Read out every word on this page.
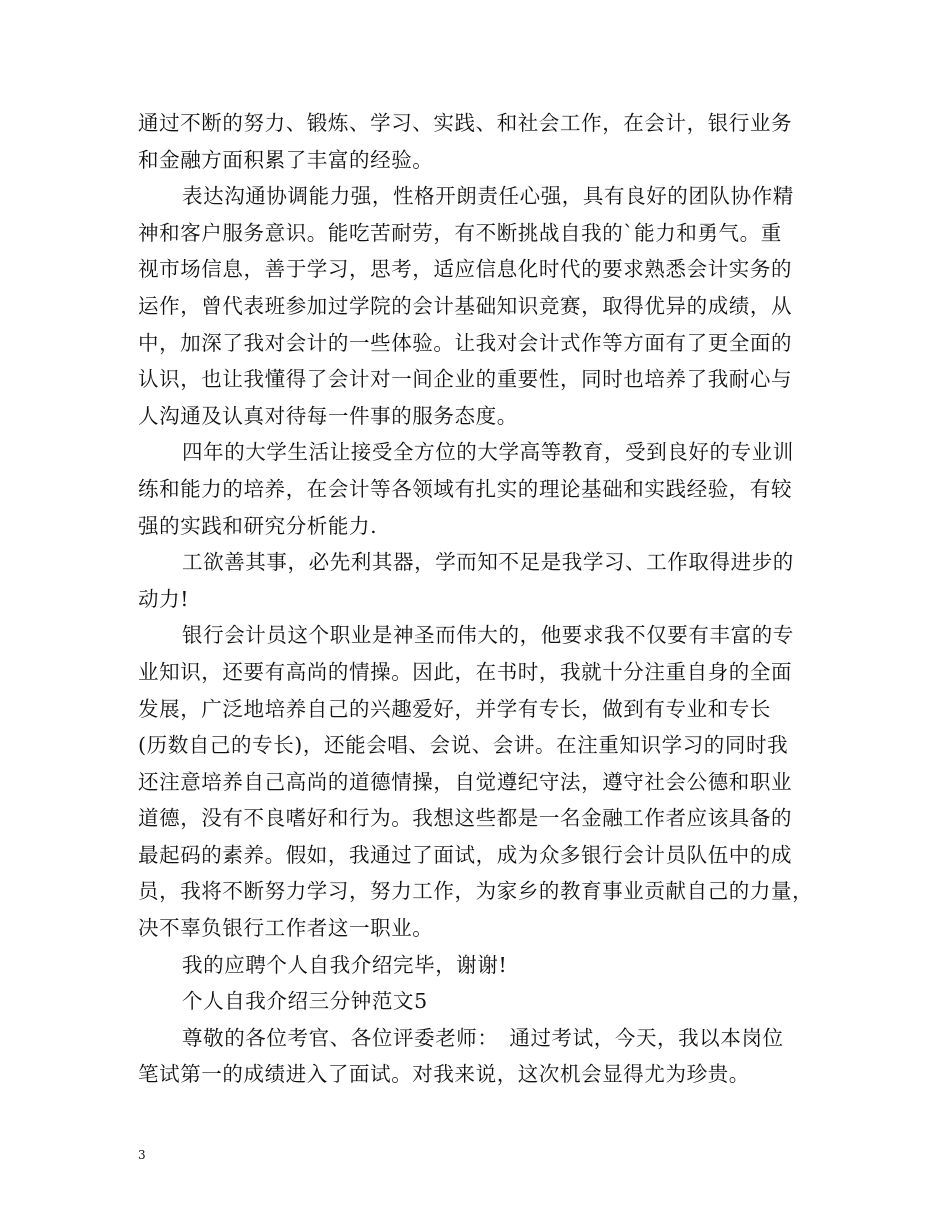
通过不断的努力、锻炼、学习、实践、和社会工作，在会计，银行业务
和金融方面积累了丰富的经验。
表达沟通协调能力强，性格开朗责任心强，具有良好的团队协作精
神和客户服务意识。能吃苦耐劳，有不断挑战自我的`能力和勇气。重
视市场信息，善于学习，思考，适应信息化时代的要求熟悉会计实务的
运作，曾代表班参加过学院的会计基础知识竞赛，取得优异的成绩，从
中，加深了我对会计的一些体验。让我对会计式作等方面有了更全面的
认识，也让我懂得了会计对一间企业的重要性，同时也培养了我耐心与
人沟通及认真对待每一件事的服务态度。
四年的大学生活让接受全方位的大学高等教育，受到良好的专业训
练和能力的培养，在会计等各领域有扎实的理论基础和实践经验，有较
强的实践和研究分析能力.
工欲善其事，必先利其器，学而知不足是我学习、工作取得进步的
动力!
银行会计员这个职业是神圣而伟大的，他要求我不仅要有丰富的专
业知识，还要有高尚的情操。因此，在书时，我就十分注重自身的全面
发展，广泛地培养自己的兴趣爱好，并学有专长，做到有专业和专长
(历数自己的专长)，还能会唱、会说、会讲。在注重知识学习的同时我
还注意培养自己高尚的道德情操，自觉遵纪守法，遵守社会公德和职业
道德，没有不良嗜好和行为。我想这些都是一名金融工作者应该具备的
最起码的素养。假如，我通过了面试，成为众多银行会计员队伍中的成
员，我将不断努力学习，努力工作，为家乡的教育事业贡献自己的力量，
决不辜负银行工作者这一职业。
我的应聘个人自我介绍完毕，谢谢!
个人自我介绍三分钟范文5
尊敬的各位考官、各位评委老师：　通过考试，今天，我以本岗位
笔试第一的成绩进入了面试。对我来说，这次机会显得尤为珍贵。
3
